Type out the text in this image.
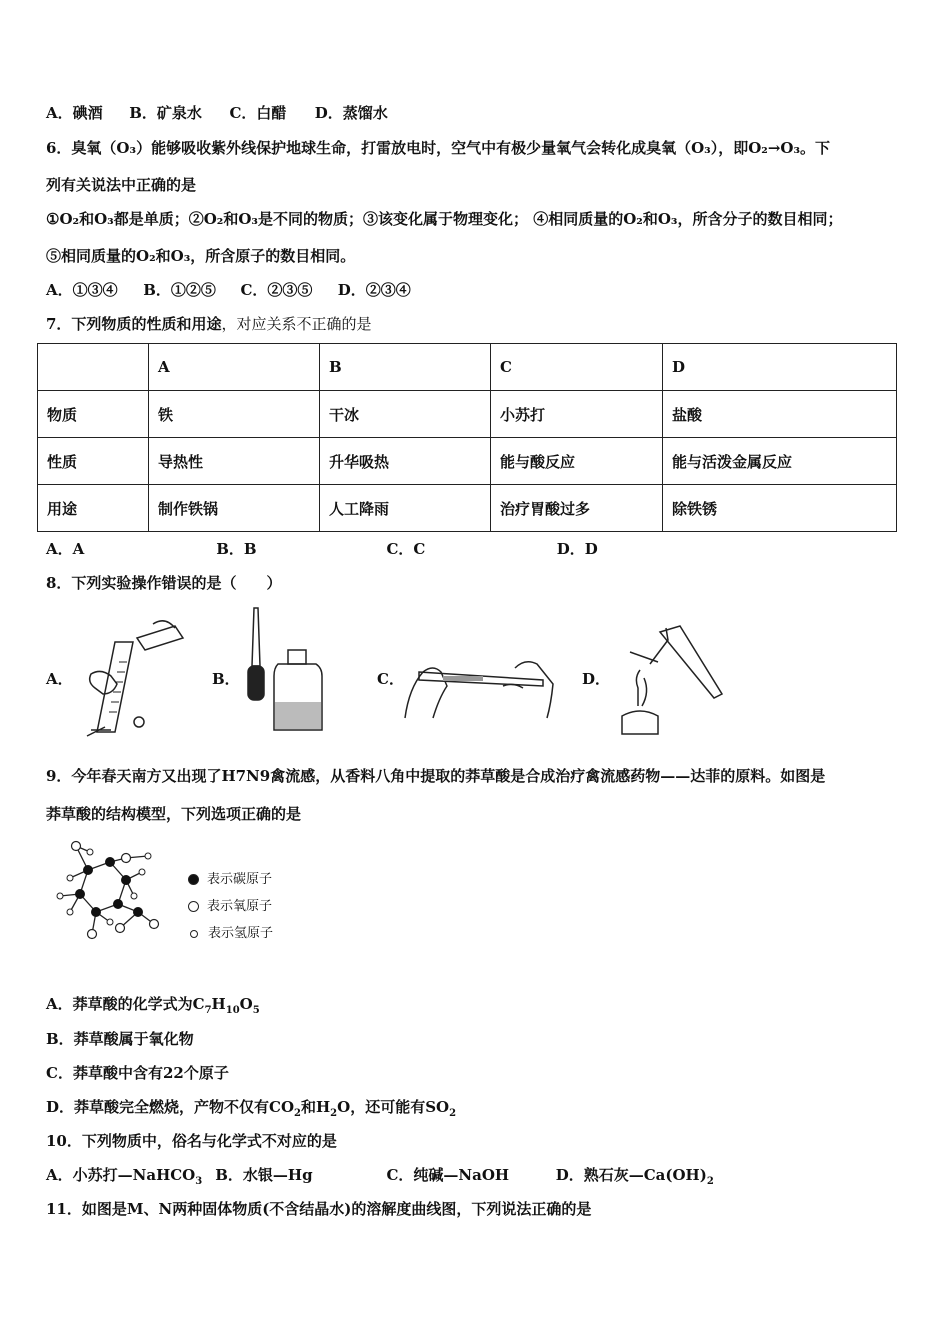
A．碘酒 B．矿泉水 C．白醋 D．蒸馏水
6．臭氧（O₃）能够吸收紫外线保护地球生命，打雷放电时，空气中有极少量氧气会转化成臭氧（O₃），即O₂→O₃。下
列有关说法中正确的是
①O₂和O₃都是单质；②O₂和O₃是不同的物质；③该变化属于物理变化； ④相同质量的O₂和O₃，所含分子的数目相同；
⑤相同质量的O₂和O₃，所含原子的数目相同。
A．①③④ B．①②⑤ C．②③⑤ D．②③④
7．下列物质的性质和用途，对应关系不正确的是
	A	B	C	D
物质	铁	干冰	小苏打	盐酸
性质	导热性	升华吸热	能与酸反应	能与活泼金属反应
用途	制作铁锅	人工降雨	治疗胃酸过多	除铁锈
A．A	B．B	C．C	D．D
8．下列实验操作错误的是（　　）
A．	B．	C．	D．
9．今年春天南方又出现了H7N9禽流感，从香料八角中提取的莽草酸是合成治疗禽流感药物——达菲的原料。如图是
莽草酸的结构模型，下列选项正确的是
表示碳原子
表示氧原子
表示氢原子
A．莽草酸的化学式为$C_7H_{10}O_5$
B．莽草酸属于氧化物
C．莽草酸中含有22个原子
D．莽草酸完全燃烧，产物不仅有$CO_2$和$H_2O$，还可能有$SO_2$
10．下列物质中，俗名与化学式不对应的是
A．小苏打—NaHCO$_3$ B．水银—Hg	C．纯碱—NaOH	D．熟石灰$—Ca(OH)_2$
11．如图是M、N两种固体物质(不含结晶水)的溶解度曲线图，下列说法正确的是
